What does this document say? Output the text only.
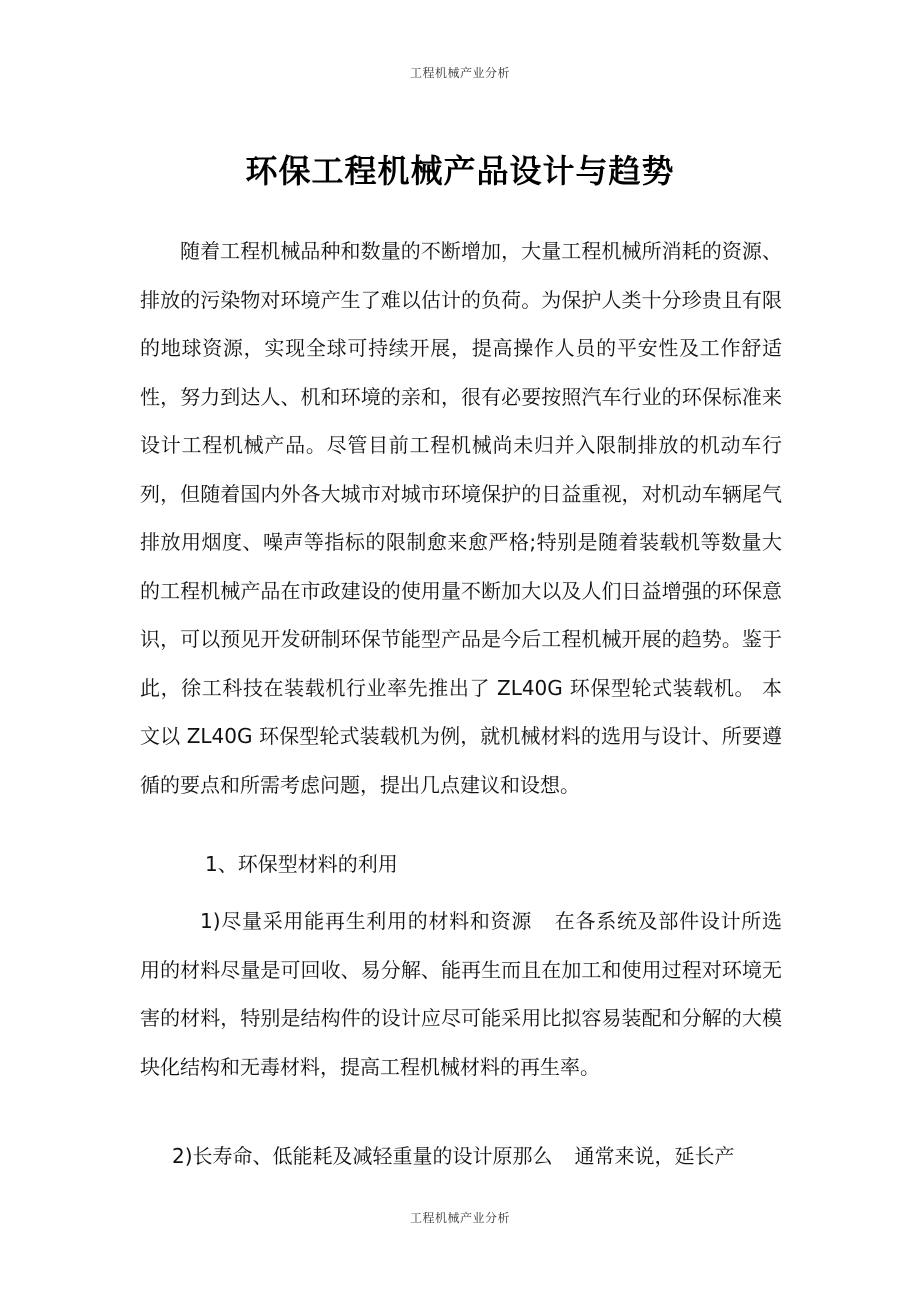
工程机械产业分析
环保工程机械产品设计与趋势

随着工程机械品种和数量的不断增加，大量工程机械所消耗的资源、排放的污染物对环境产生了难以估计的负荷。为保护人类十分珍贵且有限的地球资源，实现全球可持续开展，提高操作人员的平安性及工作舒适性，努力到达人、机和环境的亲和，很有必要按照汽车行业的环保标准来设计工程机械产品。尽管目前工程机械尚未归并入限制排放的机动车行列，但随着国内外各大城市对城市环境保护的日益重视，对机动车辆尾气排放用烟度、噪声等指标的限制愈来愈严格;特别是随着装载机等数量大的工程机械产品在市政建设的使用量不断加大以及人们日益增强的环保意识，可以预见开发研制环保节能型产品是今后工程机械开展的趋势。鉴于此，徐工科技在装载机行业率先推出了 ZL40G 环保型轮式装载机。 本文以 ZL40G 环保型轮式装载机为例，就机械材料的选用与设计、所要遵循的要点和所需考虑问题，提出几点建议和设想。

1、环保型材料的利用

1)尽量采用能再生利用的材料和资源 在各系统及部件设计所选用的材料尽量是可回收、易分解、能再生而且在加工和使用过程对环境无害的材料，特别是结构件的设计应尽可能采用比拟容易装配和分解的大模块化结构和无毒材料，提高工程机械材料的再生率。

2)长寿命、低能耗及减轻重量的设计原那么 通常来说，延长产

工程机械产业分析
